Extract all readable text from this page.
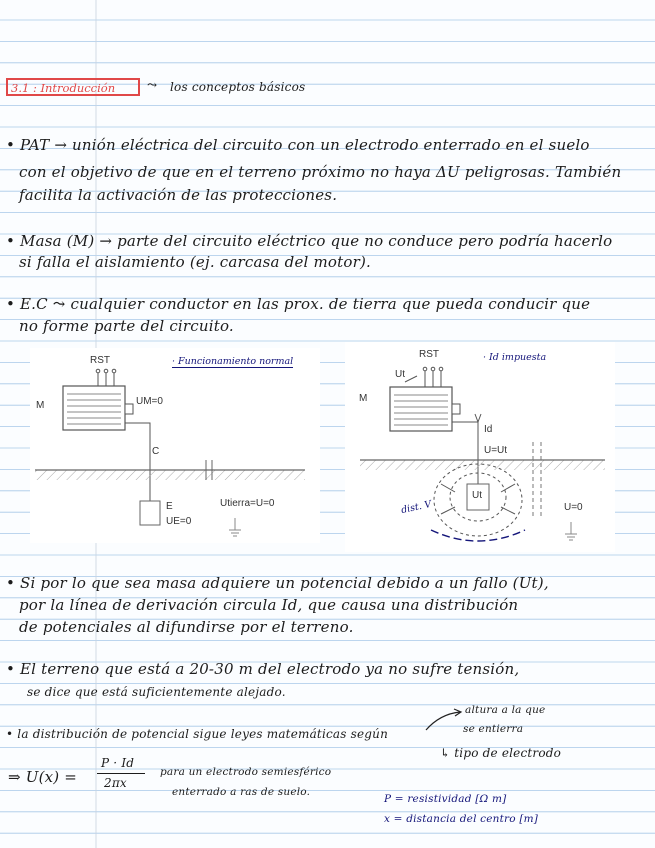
3.1 : Introducción	⤳ los conceptos básicos
• PAT → unión eléctrica del circuito con un electrodo enterrado en el suelo
con el objetivo de que en el terreno próximo no haya ΔU peligrosas. También
facilita la activación de las protecciones.
• Masa (M) → parte del circuito eléctrico que no conduce pero podría hacerlo
si falla el aislamiento (ej. carcasa del motor).
• E.C ⤳ cualquier conductor en las prox. de tierra que pueda conducir que
no forme parte del circuito.
RST
M	UM=0
C
E
UE=0
Utierra=U=0
· Funcionamiento normal
RST
Ut
M
Id
U=Ut
Ut
U=0
dist. V
· Id impuesta
• Si por lo que sea masa adquiere un potencial debido a un fallo (Ut),
por la línea de derivación circula Id, que causa una distribución
de potenciales al difundirse por el terreno.
• El terreno que está a 20-30 m del electrodo ya no sufre tensión,
se dice que está suficientemente alejado.
• la distribución de potencial sigue leyes matemáticas según
altura a la que
se entierra
↳ tipo de electrodo
⇒ U(x) =
P · Id
2πx
para un electrodo semiesférico
enterrado a ras de suelo.
P = resistividad [Ω m]
x = distancia del centro [m]
